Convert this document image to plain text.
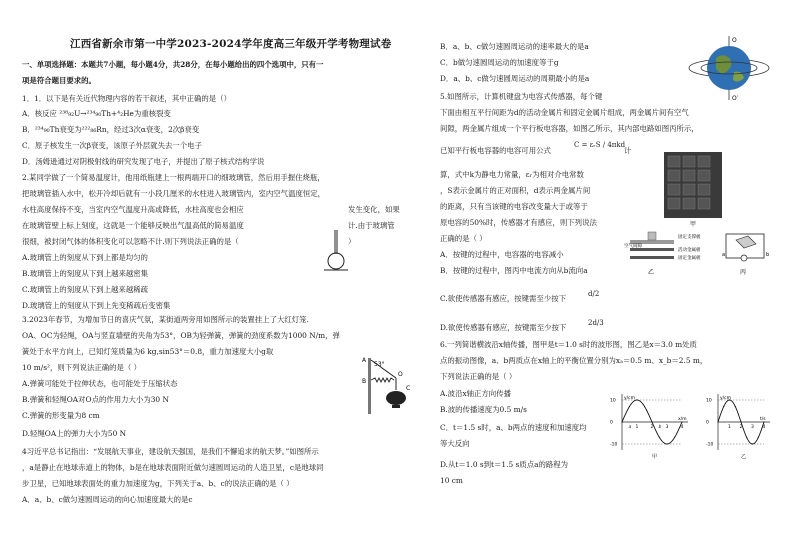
江西省新余市第一中学2023-2024学年度高三年级开学考物理试卷
一、单项选择题：本题共7小题，每小题4分，共28分，在每小题给出的四个选项中，只有一
项是符合题目要求的。
1．1．以下是有关近代物理内容的若干叙述，其中正确的是（）
A．核反应 ²³⁸₉₂U→²³⁴₉₀Th+⁴₂He为重核裂变
B．²³⁴₉₀Th衰变为²²²₈₆Rn，经过3次α衰变，2次β衰变
C．原子核发生一次β衰变，该原子外层就失去一个电子
D．汤姆逊通过对阴极射线的研究发现了电子，并提出了原子核式结构学说
2.某同学做了一个简易温度计，他用纸瓶建上一根两端开口的细玻璃管，然后用手握住烧瓶，
把玻璃管插入水中，松开冷却后就有一小段几厘米的水柱进入玻璃管内，室内空气温度恒定，
水柱高度保持不变，当室内空气温度升高或降低，水柱高度也会相应	发生变化，如果
在玻璃管壁上标上刻度，这就是一个能够反映出气温高低的简易温度	计.由于玻璃管
很细，被封闭气体的体积变化可以忽略不计.则下列说法正确的是（	）
A.玻璃管上的刻度从下到上都是均匀的
B.玻璃管上的刻度从下到上越来越密集
C.玻璃管上的刻度从下到上越来越稀疏
D.玻璃管上的刻度从下到上先变稀疏后变密集
3.2023年春节，为增加节日的喜庆气氛，某街道两旁用如图所示的装置挂上了大红灯笼.
OA、OC为轻绳，OA与竖直墙壁的夹角为53°，OB为轻弹簧，弹簧的劲度系数为1000 N/m，弹
簧处于水平方向上，已知灯笼质量为6 kg,sin53°＝0.8，重力加速度大小g取
10 m/s²，则下列说法正确的是（ ）
A.弹簧可能处于拉伸状态，也可能处于压缩状态
B.弹簧和轻绳OA对O点的作用力大小为30 N
C.弹簧的形变量为8 cm
D.轻绳OA上的弹力大小为50 N
53°
A
B
O
C
4习近平总书记指出：“发展航天事业，建设航天强国，是我们不懈追求的航天梦。”如图所示
，a是静止在地球赤道上的物体，b是在地球表面附近做匀速圆周运动的人造卫星，c是地球同
步卫星，已知地球表面处的重力加速度为g，下列关于a、b、c的说法正确的是（ ）
A．a、b、c做匀速圆周运动的向心加速度最大的是c
B．a、b、c做匀速圆周运动的速率最大的是a
C．b做匀速圆周运动的加速度等于g
D．a、b、c做匀速圆周运动的周期最小的是a
O
O′
5.如图所示，计算机键盘为电容式传感器，每个键
下面由相互平行间距为d的活动金属片和固定金属片组成，两金属片间有空气
间隙，两金属片组成一个平行板电容器，如图乙所示，其内部电路如图丙所示，
已知平行板电容器的电容可用公式
C = εᵣS / 4πkd
计
算，式中k为静电力常量，εᵣ为相对介电常数
，S表示金属片的正对面积，d表示两金属片间
的距离，只有当该键的电容改变量大于或等于
原电容的50%时，传感器才有感应，则下列说法
正确的是（ ）
A．按键的过程中，电容器的电容减小
B．按键的过程中，图丙中电流方向从b流向a
C.欲使传感器有感应，按键需至少按下	d/2
D.欲使传感器有感应，按键需至少按下	2d/3
甲
固定支撑板
空气间隙
活动金属板
固定金属板
乙
a	b
丙
6.一列简谐横波沿x轴传播，图甲是t＝1.0 s时的波形图，图乙是x＝3.0 m处质
点的振动图像，a、b两质点在x轴上的平衡位置分别为xₐ＝0.5 m、x_b＝2.5 m，
下列说法正确的是（ ）
A.波沿x轴正方向传播
B.波的传播速度为0.5 m/s
C．t＝1.5 s时，a、b两点的速度和加速度均
等大反向
D.从t＝1.0 s到t＝1.5 s质点a的路程为
10 cm
1	2	3	4
10
0
-10
x/m
y/cm
a	b
甲
1 2 3 4
10
0
-10
t/s
y/cm
乙
